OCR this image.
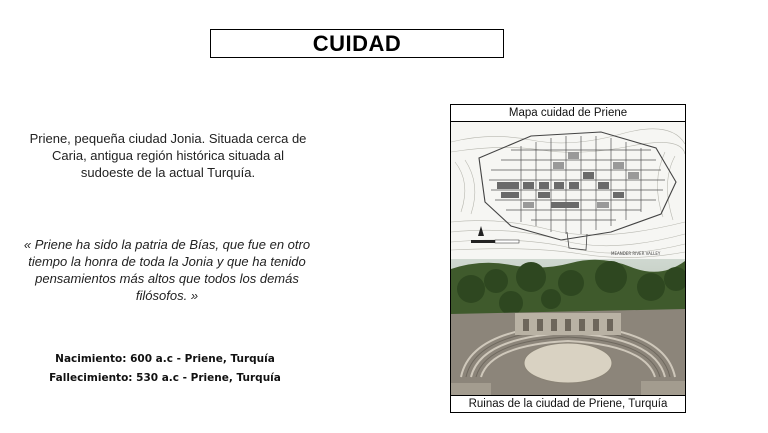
CUIDAD
Priene, pequeña ciudad Jonia. Situada cerca de Caria, antigua región histórica situada al sudoeste de la actual Turquía.
« Priene ha sido la patria de Bías, que fue en otro tiempo la honra de toda la Jonia y que ha tenido pensamientos más altos que todos los demás filósofos. »
Nacimiento: 600 a.c - Priene, Turquía
Fallecimiento: 530 a.c - Priene, Turquía
Mapa cuidad de Priene
MEANDER RIVER VALLEY
Ruinas de la ciudad de Priene, Turquía
